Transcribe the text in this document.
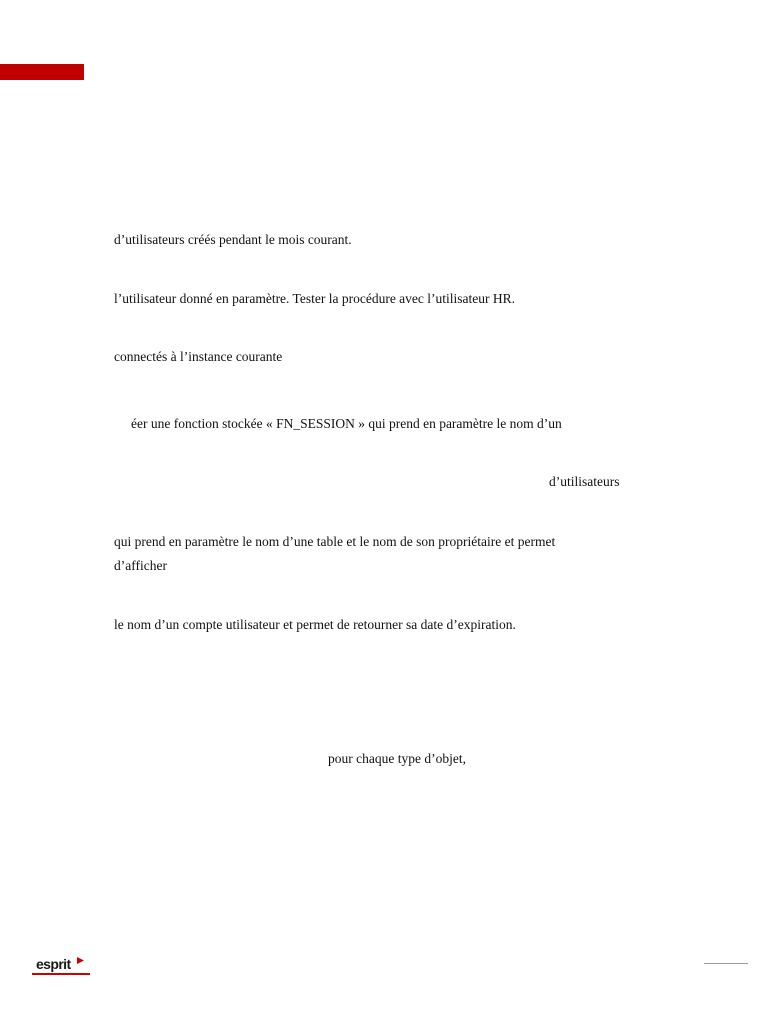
d’utilisateurs créés pendant le mois courant.
l’utilisateur donné en paramètre. Tester la procédure avec l’utilisateur HR.
connectés à l’instance courante
éer une fonction stockée « FN_SESSION » qui prend en paramètre le nom d’un
d’utilisateurs
qui prend en paramètre le nom d’une table et le nom de son propriétaire et permet
d’afficher
le nom d’un compte utilisateur et permet de retourner sa date d’expiration.
pour chaque type d’objet,
esprit
